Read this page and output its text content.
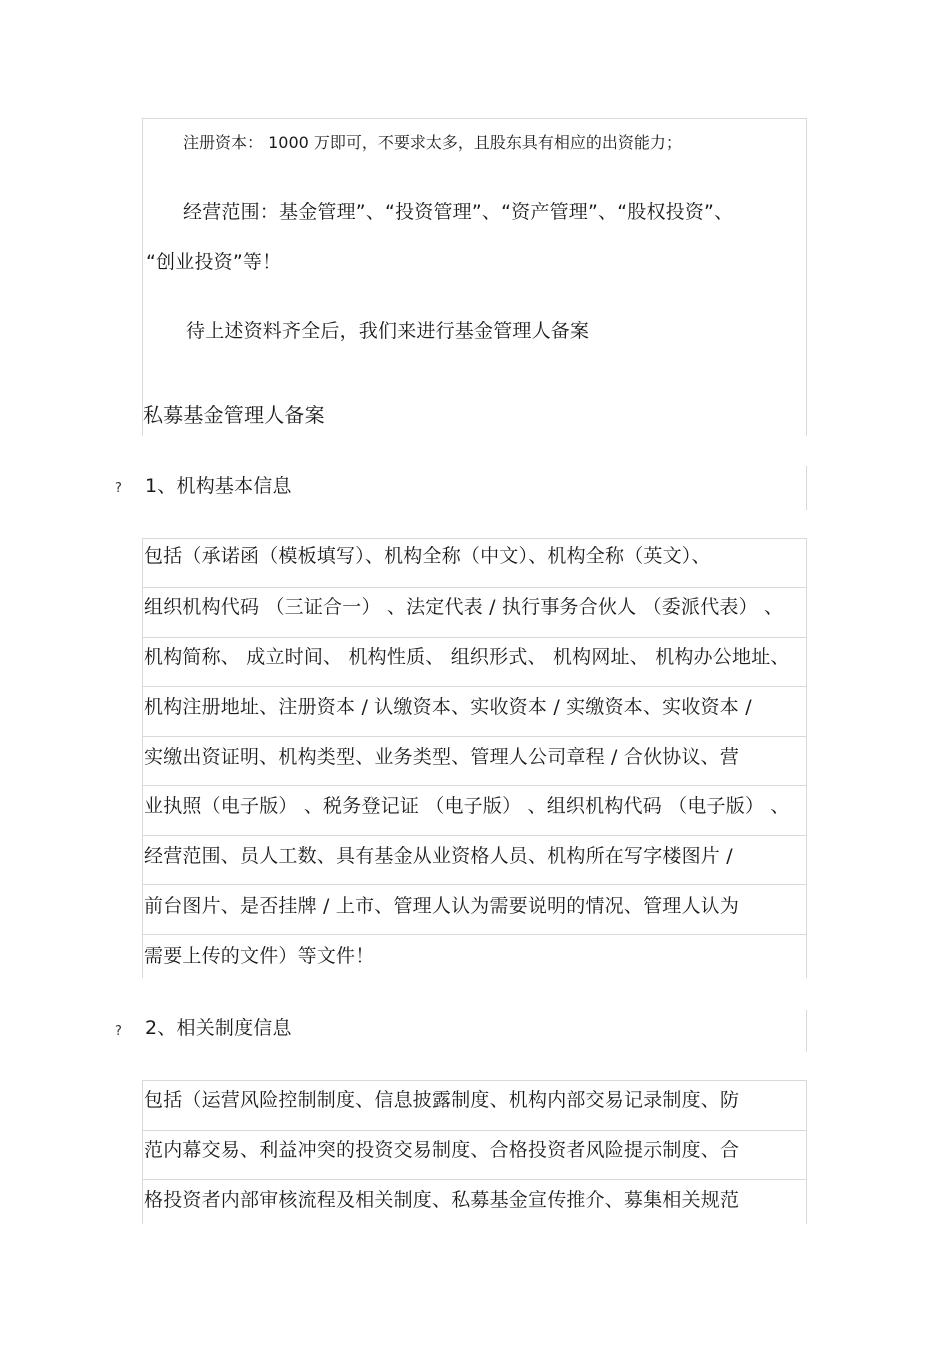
注册资本： 1000 万即可，不要求太多，且股东具有相应的出资能力；
经营范围：基金管理”、“投资管理”、“资产管理”、“股权投资”、
“创业投资”等！
待上述资料齐全后，我们来进行基金管理人备案
私募基金管理人备案
? 1、机构基本信息
包括（承诺函（模板填写）、机构全称（中文）、机构全称（英文）、
组织机构代码 （三证合一） 、法定代表 / 执行事务合伙人 （委派代表） 、
机构简称、 成立时间、 机构性质、 组织形式、 机构网址、 机构办公地址、
机构注册地址、注册资本 / 认缴资本、实收资本 / 实缴资本、实收资本 /
实缴出资证明、机构类型、业务类型、管理人公司章程 / 合伙协议、营
业执照（电子版） 、税务登记证 （电子版） 、组织机构代码 （电子版） 、
经营范围、员人工数、具有基金从业资格人员、机构所在写字楼图片 /
前台图片、是否挂牌 / 上市、管理人认为需要说明的情况、管理人认为
需要上传的文件）等文件！
? 2、相关制度信息
包括（运营风险控制制度、信息披露制度、机构内部交易记录制度、防
范内幕交易、利益冲突的投资交易制度、合格投资者风险提示制度、合
格投资者内部审核流程及相关制度、私募基金宣传推介、募集相关规范
